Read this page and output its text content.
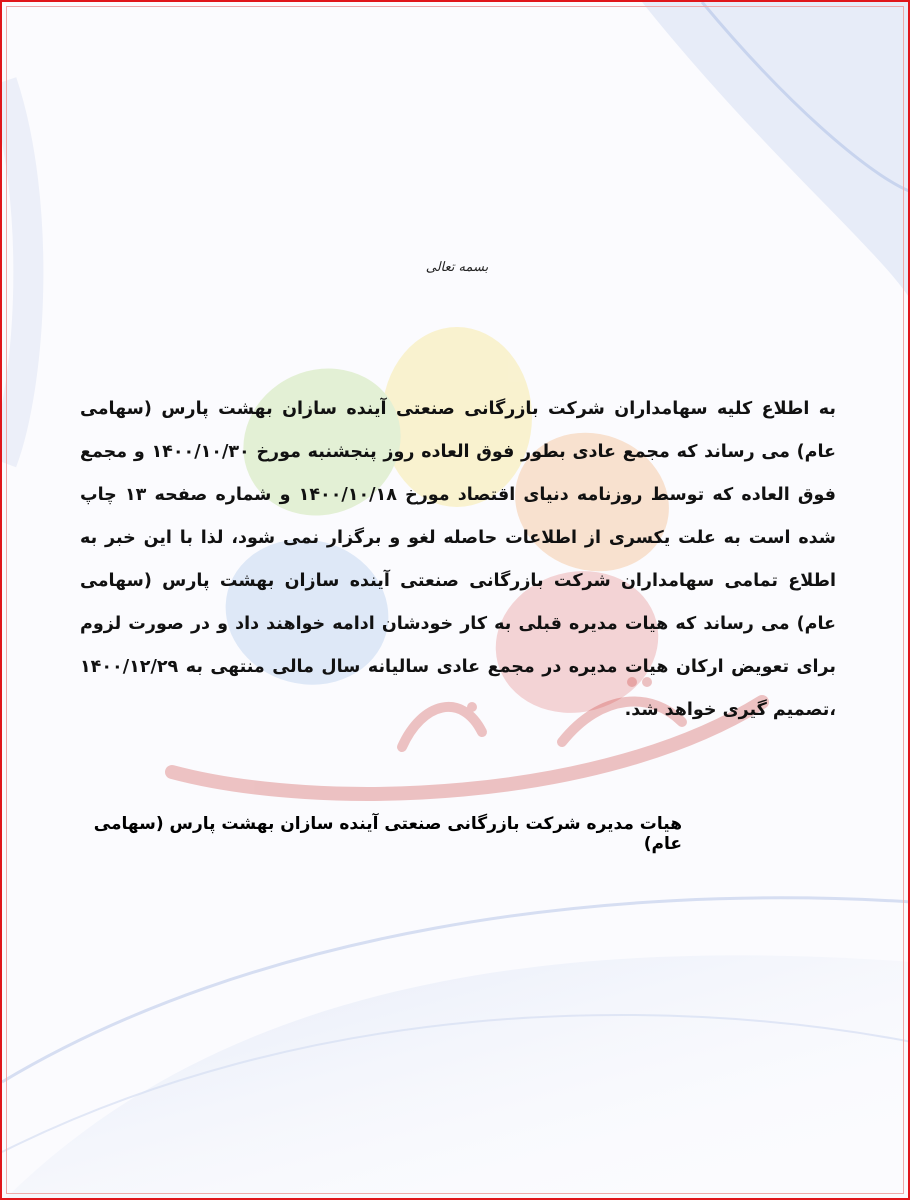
بسمه تعالی
به اطلاع کلیه سهامداران شرکت بازرگانی صنعتی آینده سازان بهشت پارس (سهامی عام) می رساند که مجمع عادی بطور فوق العاده روز پنجشنبه مورخ ۱۴۰۰/۱۰/۳۰ و مجمع فوق العاده که توسط روزنامه دنیای اقتصاد مورخ ۱۴۰۰/۱۰/۱۸ و شماره صفحه ۱۳ چاپ شده است به علت یکسری از اطلاعات حاصله لغو و برگزار نمی شود، لذا با این خبر به اطلاع تمامی سهامداران شرکت بازرگانی صنعتی آینده سازان بهشت پارس (سهامی عام) می رساند که هیات مدیره قبلی به کار خودشان ادامه خواهند داد و در صورت لزوم برای تعویض ارکان هیات مدیره در مجمع عادی سالیانه سال مالی منتهی به ۱۴۰۰/۱۲/۲۹ ،تصمیم گیری خواهد شد.
هیات مدیره شرکت بازرگانی صنعتی آینده سازان بهشت پارس (سهامی عام)
